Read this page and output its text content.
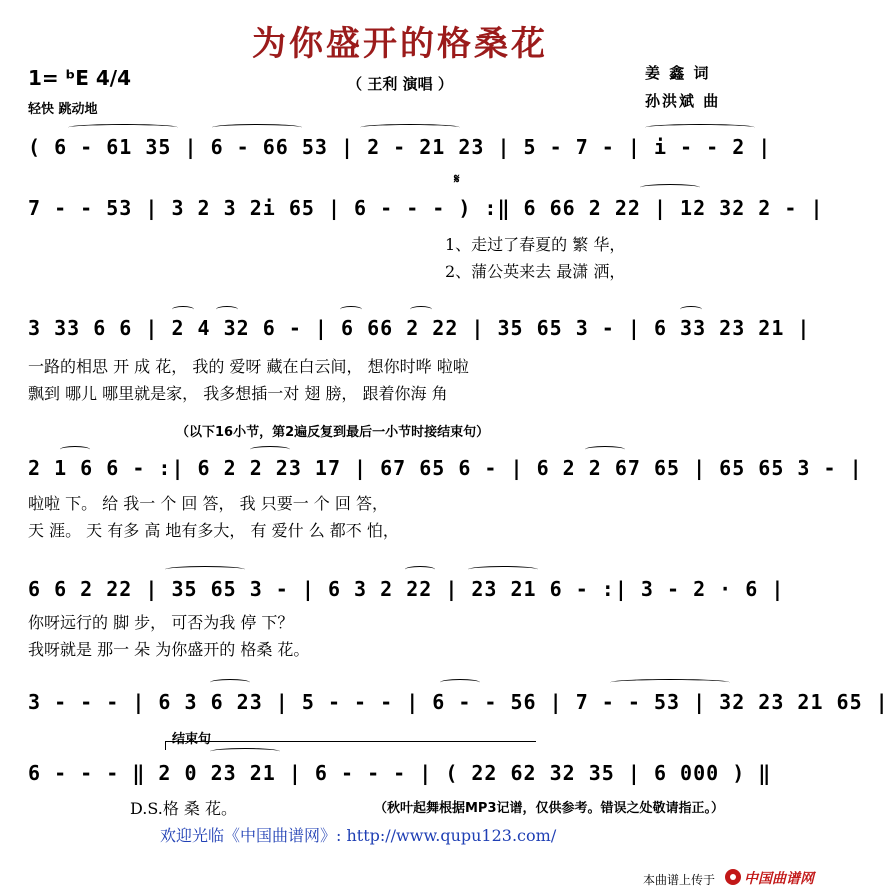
为你盛开的格桑花
（ 王利 演唱 ）
姜 鑫 词
孙洪斌 曲
1= ᵇE 4/4
轻快 跳动地
( 6 - 61 35 | 6 - 66 53 | 2 - 21 23 | 5 - 7 - | i - - 2 |
𝄋
7 - - 53 | 3 2 3 2i 65 | 6 - - - ) :‖ 6 66 2 22 | 12 32 2 - |
1、走过了春夏的 繁 华，
2、蒲公英来去 最潇 洒，
3 33 6 6 | 2 4 32 6 - | 6 66 2 22 | 35 65 3 - | 6 33 23 21 |
一路的相思 开 成 花， 我的 爱呀 藏在白云间， 想你时哗 啦啦
飘到 哪儿 哪里就是家， 我多想插一对 翅 膀， 跟着你海 角
（以下16小节，第2遍反复到最后一小节时接结束句）
2 1 6 6 - :| 6 2 2 23 17 | 67 65 6 - | 6 2 2 67 65 | 65 65 3 - |
啦啦 下。 给 我一 个 回 答， 我 只要一 个 回 答，
天 涯。 天 有多 高 地有多大， 有 爱什 么 都不 怕，
6 6 2 22 | 35 65 3 - | 6 3 2 22 | 23 21 6 - :| 3 - 2 · 6 |
你呀远行的 脚 步， 可否为我 停 下？
我呀就是 那一 朵 为你盛开的 格桑 花。
3 - - - | 6 3 6 23 | 5 - - - | 6 - - 56 | 7 - - 53 | 32 23 21 65 |
结束句
6 - - - ‖ 2 0 23 21 | 6 - - - | ( 22 62 32 35 | 6 000 ) ‖
D.S.格 桑 花。	（秋叶起舞根据MP3记谱，仅供参考。错误之处敬请指正。）
欢迎光临《中国曲谱网》: http://www.qupu123.com/
本曲谱上传于 中国曲谱网
